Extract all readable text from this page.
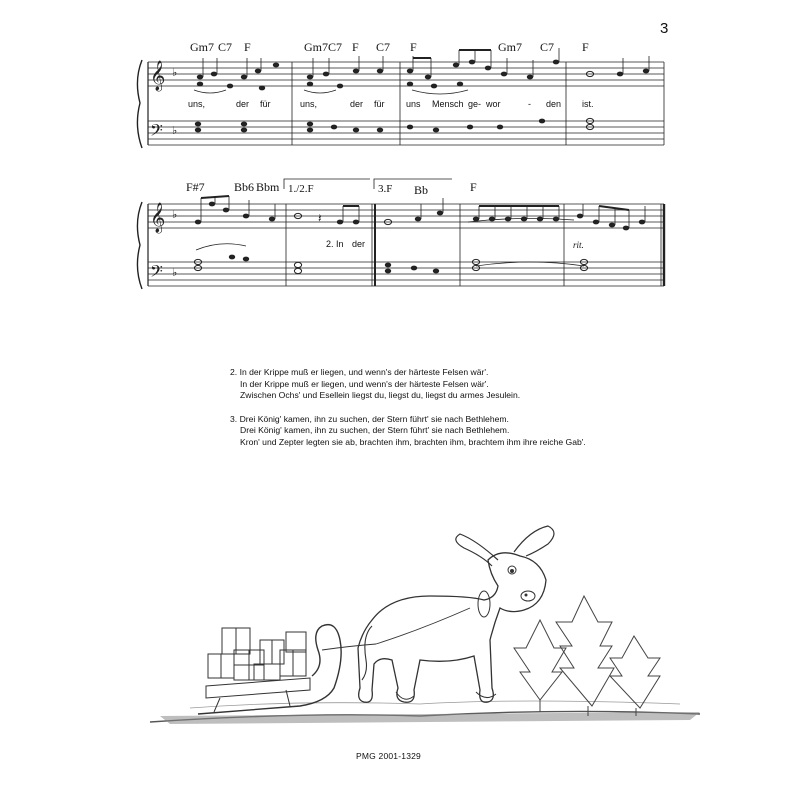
3
𝄞
𝄢
𝄞
𝄢
♭
♭
♭
♭
𝄽
Gm7 C7 F	Gm7 C7 F C7 F	Gm7 C7 F
uns,	der für	uns,	der für uns Mensch ge- wor	- den ist.
F#7 Bb6 Bbm	F
1./2.F	3.F Bb
2. In der	rit.
2. In der Krippe muß er liegen, und wenn's der härteste Felsen wär'.
In der Krippe muß er liegen, und wenn's der härteste Felsen wär'.
Zwischen Ochs' und Esellein liegst du, liegst du, liegst du armes Jesulein.
3. Drei König' kamen, ihn zu suchen, der Stern führt' sie nach Bethlehem.
Drei König' kamen, ihn zu suchen, der Stern führt' sie nach Bethlehem.
Kron' und Zepter legten sie ab, brachten ihm, brachten ihm, brachtem ihm ihre reiche Gab'.
PMG 2001-1329
